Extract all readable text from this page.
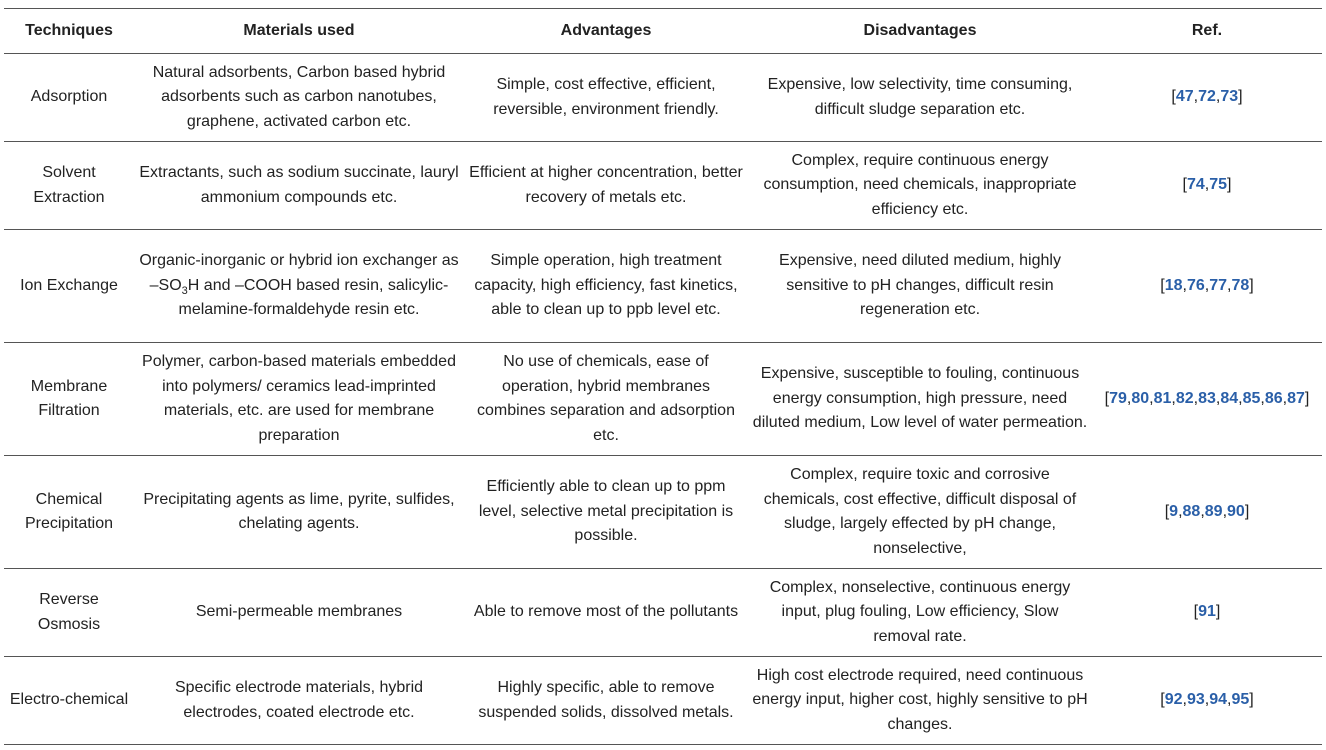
Techniques	Materials used	Advantages	Disadvantages	Ref.
Adsorption	Natural adsorbents, Carbon based hybrid adsorbents such as carbon nanotubes, graphene, activated carbon etc.	Simple, cost effective, efficient, reversible, environment friendly.	Expensive, low selectivity, time consuming, difficult sludge separation etc.	[47,72,73]
Solvent Extraction	Extractants, such as sodium succinate, lauryl ammonium compounds etc.	Efficient at higher concentration, better recovery of metals etc.	Complex, require continuous energy consumption, need chemicals, inappropriate efficiency etc.	[74,75]
Ion Exchange	Organic-inorganic or hybrid ion exchanger as $-SO_3H$ and –COOH based resin, salicylic-melamine-formaldehyde resin etc.	Simple operation, high treatment capacity, high efficiency, fast kinetics, able to clean up to ppb level etc.	Expensive, need diluted medium, highly sensitive to pH changes, difficult resin regeneration etc.	[18,76,77,78]
Membrane Filtration	Polymer, carbon-based materials embedded into polymers/ ceramics lead-imprinted materials, etc. are used for membrane preparation	No use of chemicals, ease of operation, hybrid membranes combines separation and adsorption etc.	Expensive, susceptible to fouling, continuous energy consumption, high pressure, need diluted medium, Low level of water permeation.	[79,80,81,82,83,84,85,86,87]
Chemical Precipitation	Precipitating agents as lime, pyrite, sulfides, chelating agents.	Efficiently able to clean up to ppm level, selective metal precipitation is possible.	Complex, require toxic and corrosive chemicals, cost effective, difficult disposal of sludge, largely effected by pH change, nonselective,	[9,88,89,90]
Reverse Osmosis	Semi-permeable membranes	Able to remove most of the pollutants	Complex, nonselective, continuous energy input, plug fouling, Low efficiency, Slow removal rate.	[91]
Electro-chemical	Specific electrode materials, hybrid electrodes, coated electrode etc.	Highly specific, able to remove suspended solids, dissolved metals.	High cost electrode required, need continuous energy input, higher cost, highly sensitive to pH changes.	[92,93,94,95]
